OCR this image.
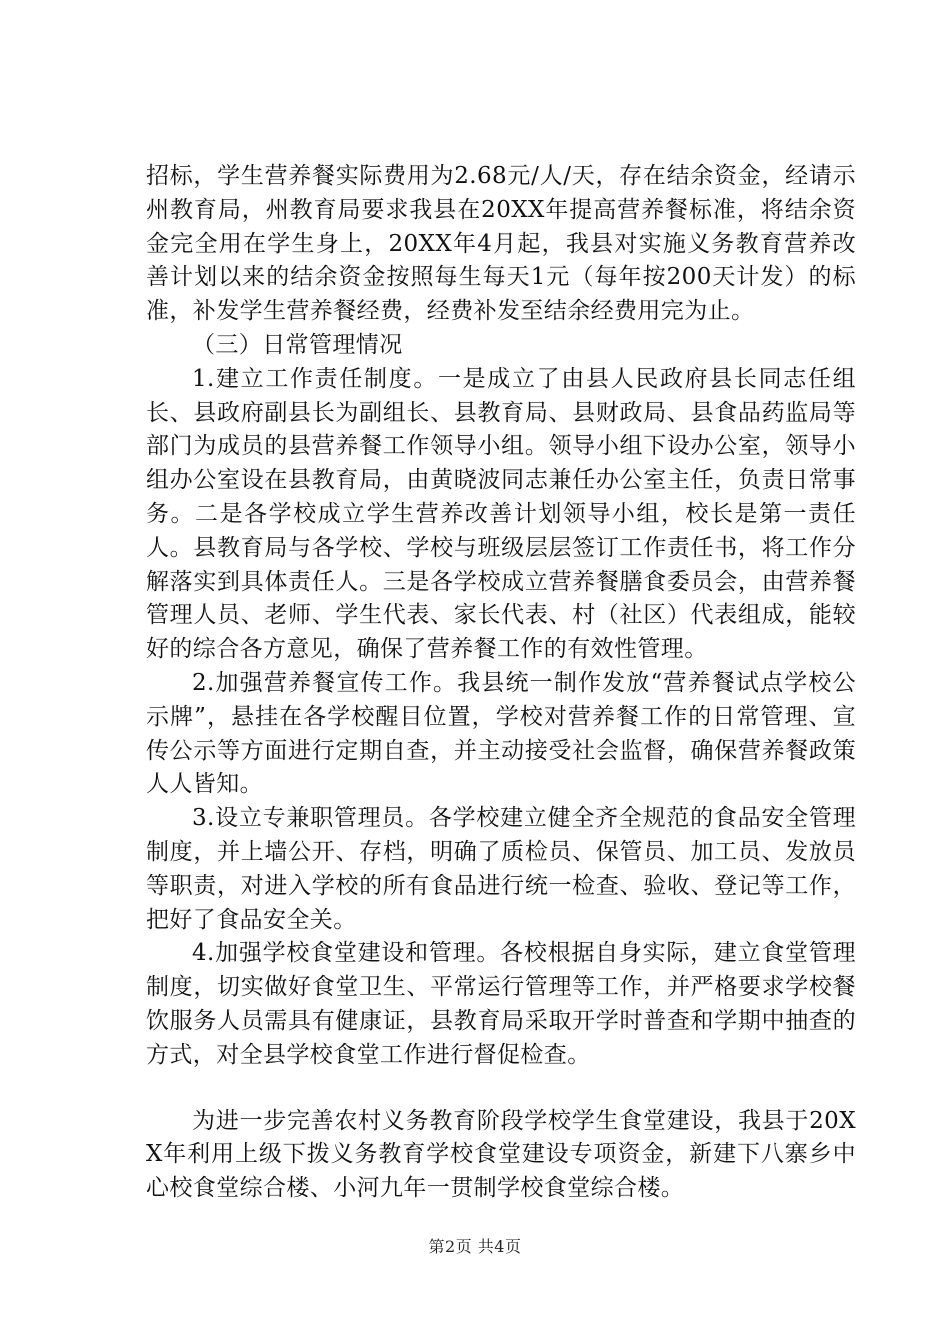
招标，学生营养餐实际费用为2.68元/人/天，存在结余资金，经请示州教育局，州教育局要求我县在20XX年提高营养餐标准，将结余资金完全用在学生身上，20XX年4月起，我县对实施义务教育营养改善计划以来的结余资金按照每生每天1元（每年按200天计发）的标准，补发学生营养餐经费，经费补发至结余经费用完为止。

（三）日常管理情况

1.建立工作责任制度。一是成立了由县人民政府县长同志任组长、县政府副县长为副组长、县教育局、县财政局、县食品药监局等部门为成员的县营养餐工作领导小组。领导小组下设办公室，领导小组办公室设在县教育局，由黄晓波同志兼任办公室主任，负责日常事务。二是各学校成立学生营养改善计划领导小组，校长是第一责任人。县教育局与各学校、学校与班级层层签订工作责任书，将工作分解落实到具体责任人。三是各学校成立营养餐膳食委员会，由营养餐管理人员、老师、学生代表、家长代表、村（社区）代表组成，能较好的综合各方意见，确保了营养餐工作的有效性管理。

2.加强营养餐宣传工作。我县统一制作发放“营养餐试点学校公示牌”，悬挂在各学校醒目位置，学校对营养餐工作的日常管理、宣传公示等方面进行定期自查，并主动接受社会监督，确保营养餐政策人人皆知。

3.设立专兼职管理员。各学校建立健全齐全规范的食品安全管理制度，并上墙公开、存档，明确了质检员、保管员、加工员、发放员等职责，对进入学校的所有食品进行统一检查、验收、登记等工作，把好了食品安全关。

4.加强学校食堂建设和管理。各校根据自身实际，建立食堂管理制度，切实做好食堂卫生、平常运行管理等工作，并严格要求学校餐饮服务人员需具有健康证，县教育局采取开学时普查和学期中抽查的方式，对全县学校食堂工作进行督促检查。

为进一步完善农村义务教育阶段学校学生食堂建设，我县于20XX年利用上级下拨义务教育学校食堂建设专项资金，新建下八寨乡中心校食堂综合楼、小河九年一贯制学校食堂综合楼。

第2页 共4页
